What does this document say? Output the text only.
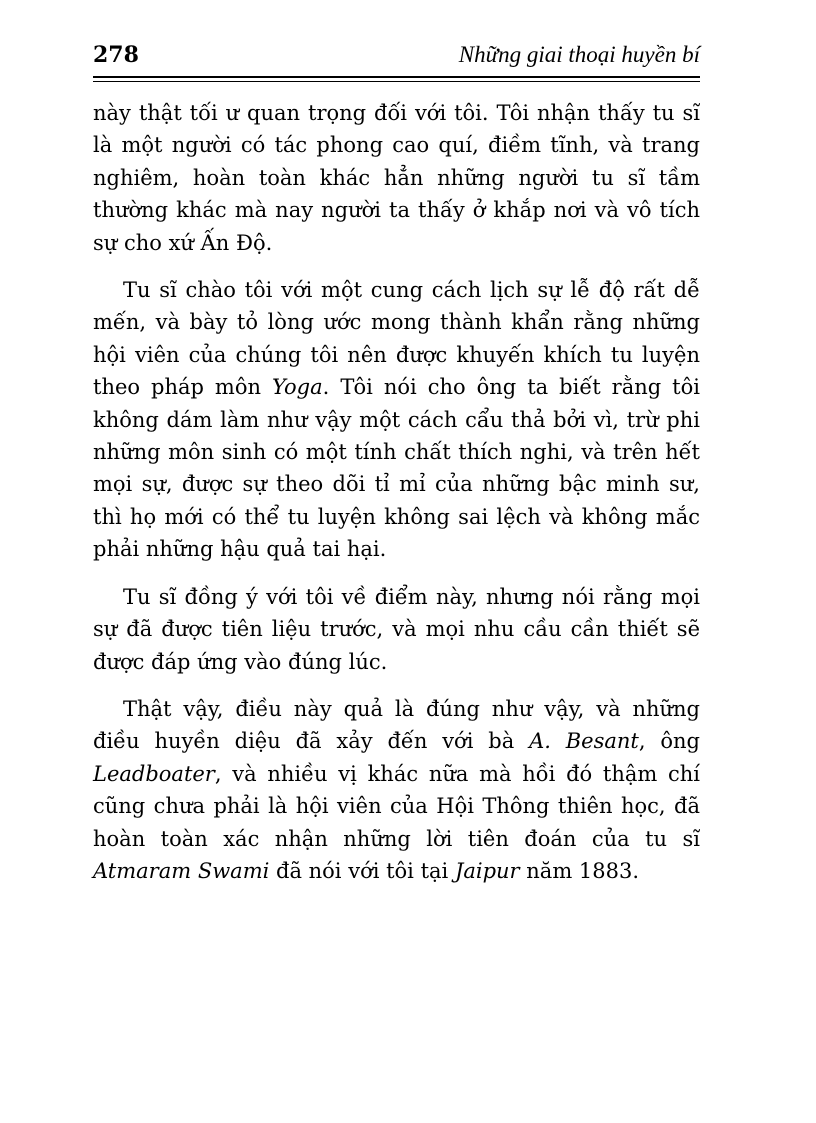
278	Những giai thoại huyền bí

này thật tối ư quan trọng đối với tôi. Tôi nhận thấy tu sĩ là một người có tác phong cao quí, điềm tĩnh, và trang nghiêm, hoàn toàn khác hẳn những người tu sĩ tầm thường khác mà nay người ta thấy ở khắp nơi và vô tích sự cho xứ Ấn Độ.

Tu sĩ chào tôi với một cung cách lịch sự lễ độ rất dễ mến, và bày tỏ lòng ước mong thành khẩn rằng những hội viên của chúng tôi nên được khuyến khích tu luyện theo pháp môn Yoga. Tôi nói cho ông ta biết rằng tôi không dám làm như vậy một cách cẩu thả bởi vì, trừ phi những môn sinh có một tính chất thích nghi, và trên hết mọi sự, được sự theo dõi tỉ mỉ của những bậc minh sư, thì họ mới có thể tu luyện không sai lệch và không mắc phải những hậu quả tai hại.

Tu sĩ đồng ý với tôi về điểm này, nhưng nói rằng mọi sự đã được tiên liệu trước, và mọi nhu cầu cần thiết sẽ được đáp ứng vào đúng lúc.

Thật vậy, điều này quả là đúng như vậy, và những điều huyền diệu đã xảy đến với bà A. Besant, ông Leadboater, và nhiều vị khác nữa mà hồi đó thậm chí cũng chưa phải là hội viên của Hội Thông thiên học, đã hoàn toàn xác nhận những lời tiên đoán của tu sĩ Atmaram Swami đã nói với tôi tại Jaipur năm 1883.
